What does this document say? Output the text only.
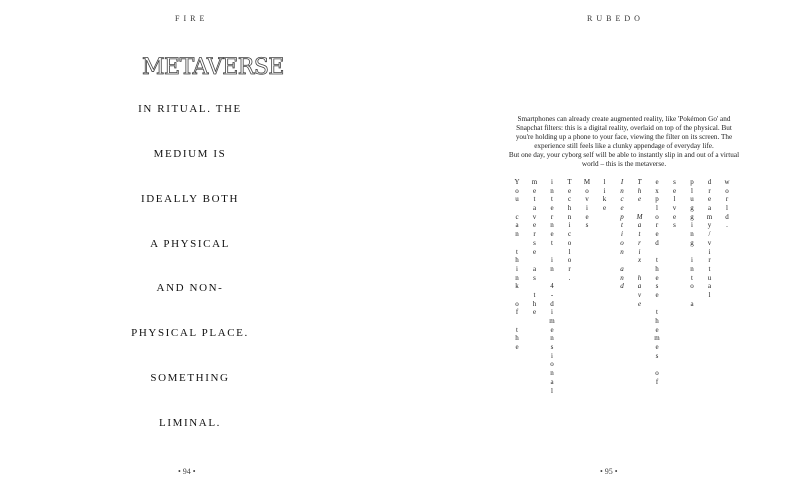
FIRE
METAVERSE
IN RITUAL. THE
MEDIUM IS
IDEALLY BOTH
A PHYSICAL
AND NON-
PHYSICAL PLACE.
SOMETHING
LIMINAL.
• 94 •
RUBEDO

Smartphones can already create augmented reality, like 'Pokémon Go' and Snapchat filters: this is a digital reality, overlaid on top of the physical. But you're holding up a phone to your face, viewing the filter on its screen. The experience still feels like a clunky appendage of everyday life.

But one day, your cyborg self will be able to instantly slip in and out of a virtual world – this is the metaverse.

Y
o
u

c
a
n

t
h
i
n
k

o
f

t
h
e
m
e
t
a
v
e
r
s
e

a
s

t
h
e
i
n
t
e
r
n
e
t

i
n

4
-
d
i
m
e
n
s
i
o
n
a
l
T
e
c
h
n
i
c
o
l
o
r
.
M
o
v
i
e
s
l
i
k
e
I
n
c
e
p
t
i
o
n

a
n
d
T
h
e

M
a
t
r
i
x

h
a
v
e
e
x
p
l
o
r
e
d

t
h
e
s
e

t
h
e
m
e
s

o
f
s
e
l
v
e
s
p
l
u
g
g
i
n
g

i
n
t
o

a
d
r
e
a
m
y
/
v
i
r
t
u
a
l
w
o
r
l
d
.
• 95 •
